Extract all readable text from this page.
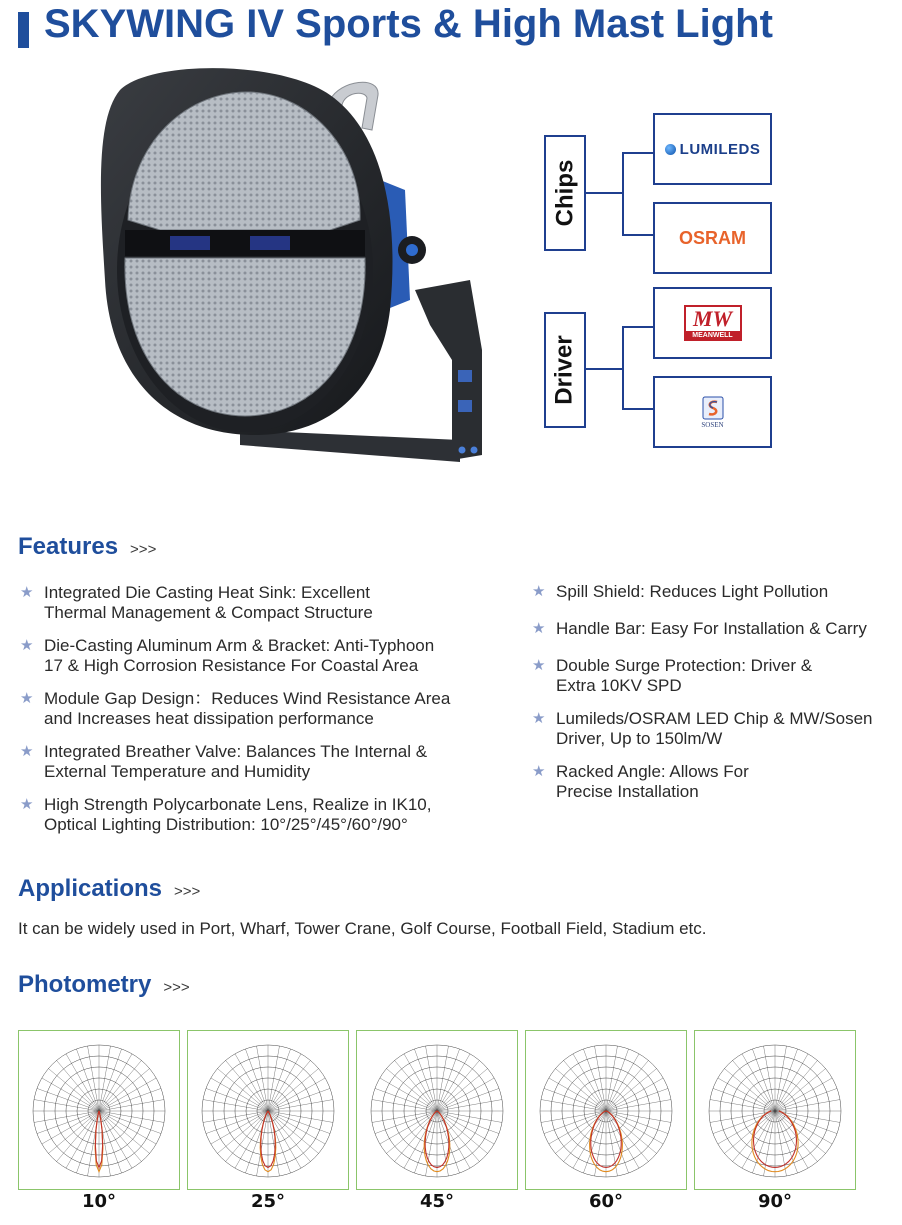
SKYWING IV Sports & High Mast Light
Chips
LUMILEDS
OSRAM
Driver
MW
MEANWELL
SOSEN
Features >>>
★ Integrated Die Casting Heat Sink: Excellent
Thermal Management & Compact Structure
★ Die-Casting Aluminum Arm & Bracket: Anti-Typhoon
17 & High Corrosion Resistance For Coastal Area
★ Module Gap Design：Reduces Wind Resistance Area
and Increases heat dissipation performance
★ Integrated Breather Valve: Balances The Internal &
External Temperature and Humidity
★ High Strength Polycarbonate Lens, Realize in IK10,
Optical Lighting Distribution: 10°/25°/45°/60°/90°
★ Spill Shield: Reduces Light Pollution
★ Handle Bar: Easy For Installation & Carry
★ Double Surge Protection: Driver &
Extra 10KV SPD
★ Lumileds/OSRAM LED Chip & MW/Sosen
Driver, Up to 150lm/W
★ Racked Angle: Allows For
Precise Installation
Applications >>>

It can be widely used in Port, Wharf, Tower Crane, Golf Course, Football Field, Stadium etc.

Photometry >>>
10°	25°	45°	60°	90°
